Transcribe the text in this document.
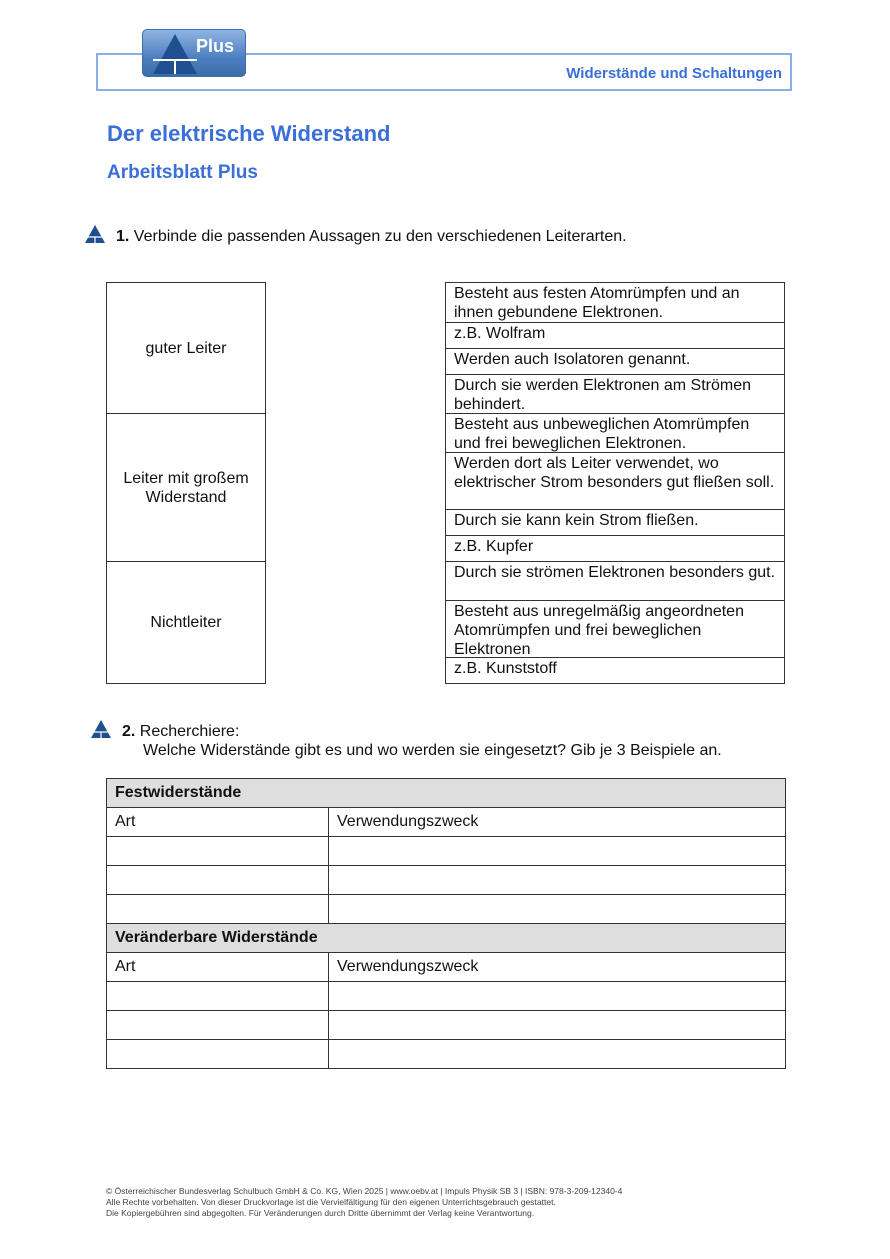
Widerstände und Schaltungen
Plus
Der elektrische Widerstand
Arbeitsblatt Plus
1. Verbinde die passenden Aussagen zu den verschiedenen Leiterarten.
guter Leiter
Leiter mit großem
Widerstand
Nichtleiter
Besteht aus festen Atomrümpfen und an ihnen gebundene Elektronen.
z.B. Wolfram
Werden auch Isolatoren genannt.
Durch sie werden Elektronen am Strömen behindert.
Besteht aus unbeweglichen Atomrümpfen und frei beweglichen Elektronen.
Werden dort als Leiter verwendet, wo elektrischer Strom besonders gut fließen soll.
Durch sie kann kein Strom fließen.
z.B. Kupfer
Durch sie strömen Elektronen besonders gut.
Besteht aus unregelmäßig angeordneten Atomrümpfen und frei beweglichen Elektronen
z.B. Kunststoff
2. Recherchiere:
Welche Widerstände gibt es und wo werden sie eingesetzt? Gib je 3 Beispiele an.
Festwiderstände	
Art	Verwendungszweck

Veränderbare Widerstände	
Art	Verwendungszweck

© Österreichischer Bundesverlag Schulbuch GmbH & Co. KG, Wien 2025 | www.oebv.at | Impuls Physik SB 3 | ISBN: 978-3-209-12340-4
Alle Rechte vorbehalten. Von dieser Druckvorlage ist die Vervielfältigung für den eigenen Unterrichtsgebrauch gestattet.
Die Kopiergebühren sind abgegolten. Für Veränderungen durch Dritte übernimmt der Verlag keine Verantwortung.
